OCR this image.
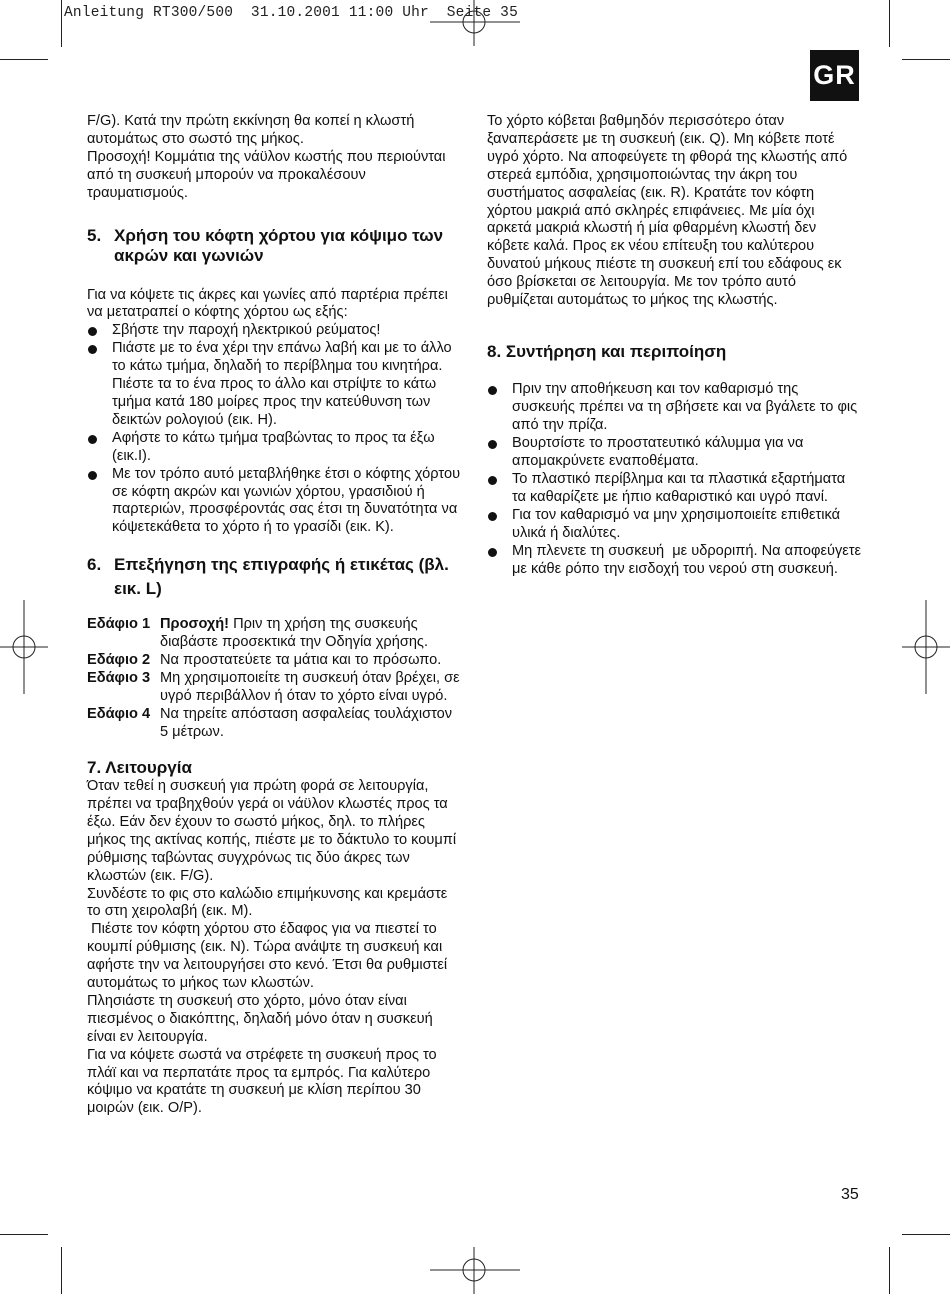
Anleitung RT300/500  31.10.2001 11:00 Uhr  Seite 35
GR

F/G). Κατά την πρώτη εκκίνηση θα κοπεί η κλωστή αυτομάτως στο σωστό της μήκος.

Προσοχή! Κομμάτια της νάϋλον κωστής που περιούνται από τη συσκευή μπορούν να προκαλέσουν τραυματισμούς.

5. Χρήση του κόφτη χόρτου για κόψιμο των ακρών και γωνιών

Για να κόψετε τις άκρες και γωνίες από παρτέρια πρέπει να μετατραπεί ο κόφτης χόρτου ως εξής:

Σβήστε την παροχή ηλεκτρικού ρεύματος!
Πιάστε με το ένα χέρι την επάνω λαβή και με το άλλο το κάτω τμήμα, δηλαδή το περίβλημα του κινητήρα. Πιέστε τα το ένα προς το άλλο και στρίψτε το κάτω τμήμα κατά 180 μοίρες προς την κατεύθυνση των δεικτών ρολογιού (εικ. H).
Αφήστε το κάτω τμήμα τραβώντας το προς τα έξω (εικ.I).
Με τον τρόπο αυτό μεταβλήθηκε έτσι ο κόφτης χόρτου σε κόφτη ακρών και γωνιών χόρτου, γρασιδιού ή παρτεριών, προσφέροντάς σας έτσι τη δυνατότητα να κόψετεκάθετα το χόρτο ή το γρασίδι (εικ. K).
6. Επεξήγηση της επιγραφής ή ετικέτας (βλ. εικ. L)
Εδάφιο 1 Προσοχή! Πριν τη χρήση της συσκευής διαβάστε προσεκτικά την Οδηγία χρήσης.
Εδάφιο 2 Να προστατεύετε τα μάτια και το πρόσωπο.
Εδάφιο 3 Μη χρησιμοποιείτε τη συσκευή όταν βρέχει, σε υγρό περιβάλλον ή όταν το χόρτο είναι υγρό.
Εδάφιο 4 Να τηρείτε απόσταση ασφαλείας τουλάχιστον 5 μέτρων.
7. Λειτουργία

Όταν τεθεί η συσκευή για πρώτη φορά σε λειτουργία, πρέπει να τραβηχθούν γερά οι νάϋλον κλωστές προς τα έξω. Εάν δεν έχουν το σωστό μήκος, δηλ. το πλήρες μήκος της ακτίνας κοπής, πιέστε με το δάκτυλο το κουμπί ρύθμισης ταβώντας συγχρόνως τις δύο άκρες των κλωστών (εικ. F/G).

Συνδέστε το φις στο καλώδιο επιμήκυνσης και κρεμάστε το στη χειρολαβή (εικ. M).

Πιέστε τον κόφτη χόρτου στο έδαφος για να πιεστεί το κουμπί ρύθμισης (εικ. N). Τώρα ανάψτε τη συσκευή και αφήστε την να λειτουργήσει στο κενό. Έτσι θα ρυθμιστεί αυτομάτως το μήκος των κλωστών.

Πλησιάστε τη συσκευή στο χόρτο, μόνο όταν είναι πιεσμένος ο διακόπτης, δηλαδή μόνο όταν η συσκευή είναι εν λειτουργία.

Για να κόψετε σωστά να στρέφετε τη συσκευή προς το πλάϊ και να περπατάτε προς τα εμπρός. Για καλύτερο κόψιμο να κρατάτε τη συσκευή με κλίση περίπου 30 μοιρών (εικ. O/P).

Το χόρτο κόβεται βαθμηδόν περισσότερο όταν ξαναπεράσετε με τη συσκευή (εικ. Q). Μη κόβετε ποτέ υγρό χόρτο. Να αποφεύγετε τη φθορά της κλωστής από στερεά εμπόδια, χρησιμοποιώντας την άκρη του συστήματος ασφαλείας (εικ. R). Κρατάτε τον κόφτη χόρτου μακριά από σκληρές επιφάνειες. Με μία όχι αρκετά μακριά κλωστή ή μία φθαρμένη κλωστή δεν κόβετε καλά. Προς εκ νέου επίτευξη του καλύτερου δυνατού μήκους πιέστε τη συσκευή επί του εδάφους εκ όσο βρίσκεται σε λειτουργία. Με τον τρόπο αυτό ρυθμίζεται αυτομάτως το μήκος της κλωστής.

8. Συντήρηση και περιποίηση
Πριν την αποθήκευση και τον καθαρισμό της συσκευής πρέπει να τη σβήσετε και να βγάλετε το φις από την πρίζα.
Βουρτσίστε το προστατευτικό κάλυμμα για να απομακρύνετε εναποθέματα.
Το πλαστικό περίβλημα και τα πλαστικά εξαρτήματα τα καθαρίζετε με ήπιο καθαριστικό και υγρό πανί.
Για τον καθαρισμό να μην χρησιμοποιείτε επιθετικά υλικά ή διαλύτες.
Μη πλενετε τη συσκευή  με υδροριπή. Να αποφεύγετε με κάθε ρόπο την εισδοχή του νερού στη συσκευή.
35
